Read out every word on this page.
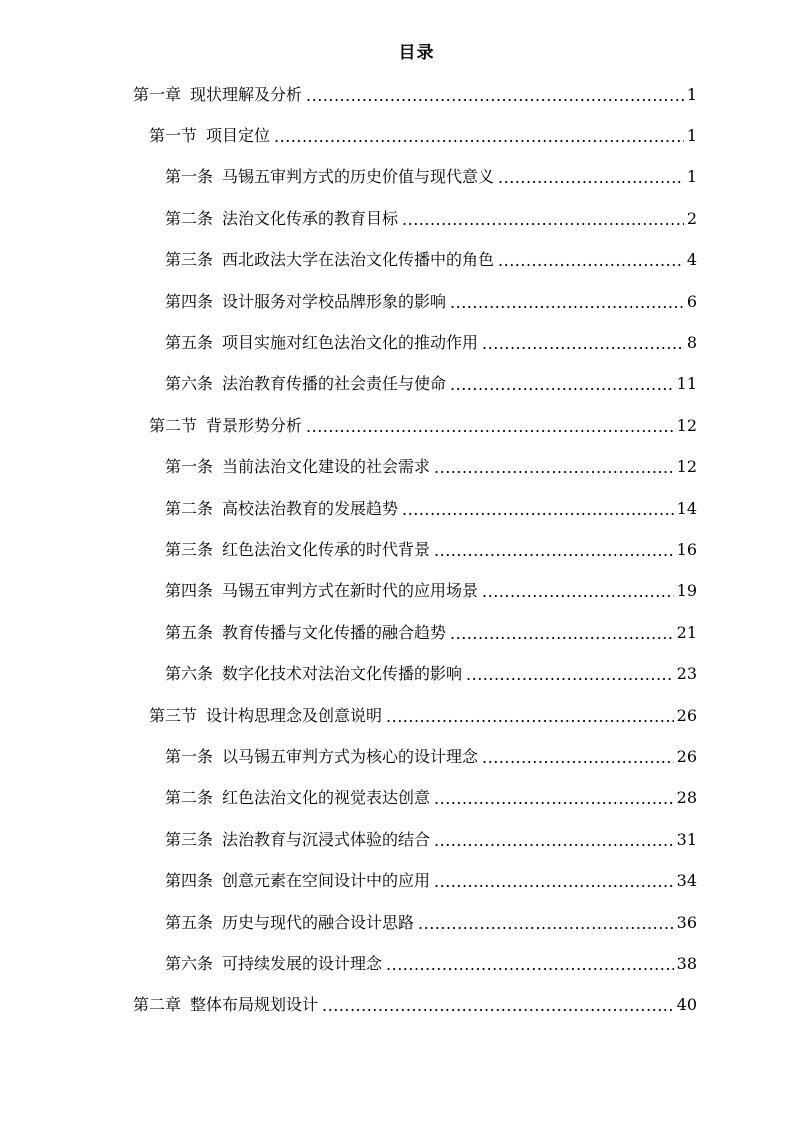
目录
第一章 现状理解及分析 .....	1
第一节 项目定位 .....	1
第一条 马锡五审判方式的历史价值与现代意义 .....	1
第二条 法治文化传承的教育目标 .....	2
第三条 西北政法大学在法治文化传播中的角色 .....	4
第四条 设计服务对学校品牌形象的影响 .....	6
第五条 项目实施对红色法治文化的推动作用 .....	8
第六条 法治教育传播的社会责任与使命 .....	11
第二节 背景形势分析 .....	12
第一条 当前法治文化建设的社会需求 .....	12
第二条 高校法治教育的发展趋势 .....	14
第三条 红色法治文化传承的时代背景 .....	16
第四条 马锡五审判方式在新时代的应用场景 .....	19
第五条 教育传播与文化传播的融合趋势 .....	21
第六条 数字化技术对法治文化传播的影响 .....	23
第三节 设计构思理念及创意说明 .....	26
第一条 以马锡五审判方式为核心的设计理念 .....	26
第二条 红色法治文化的视觉表达创意 .....	28
第三条 法治教育与沉浸式体验的结合 .....	31
第四条 创意元素在空间设计中的应用 .....	34
第五条 历史与现代的融合设计思路 .....	36
第六条 可持续发展的设计理念 .....	38
第二章 整体布局规划设计 .....	40
